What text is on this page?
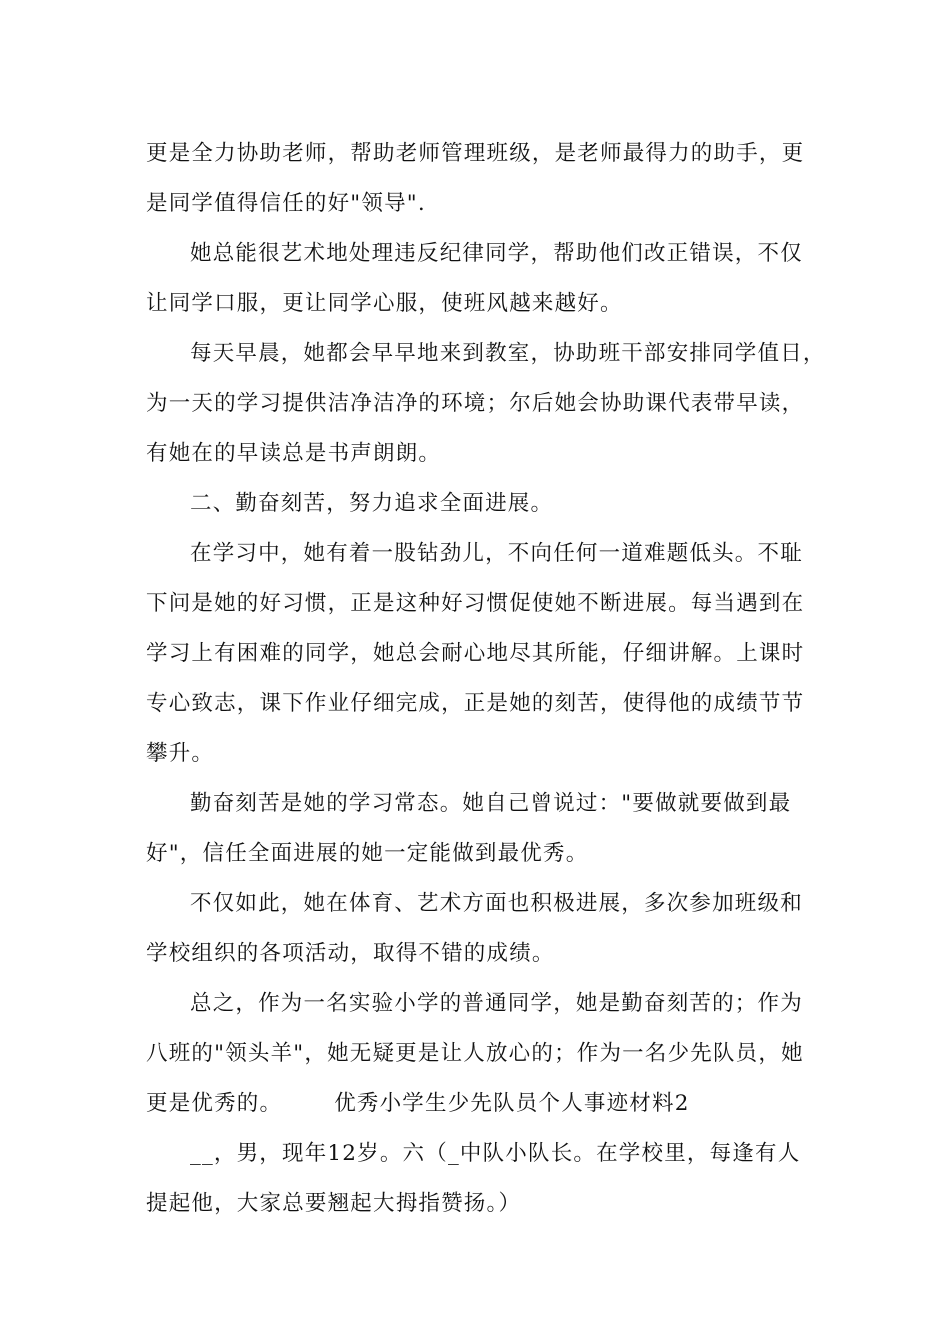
更是全力协助老师，帮助老师管理班级，是老师最得力的助手，更
是同学值得信任的好"领导".

她总能很艺术地处理违反纪律同学，帮助他们改正错误，不仅
让同学口服，更让同学心服，使班风越来越好。

每天早晨，她都会早早地来到教室，协助班干部安排同学值日，
为一天的学习提供洁净洁净的环境；尔后她会协助课代表带早读，
有她在的早读总是书声朗朗。

二、勤奋刻苦，努力追求全面进展。

在学习中，她有着一股钻劲儿，不向任何一道难题低头。不耻
下问是她的好习惯，正是这种好习惯促使她不断进展。每当遇到在
学习上有困难的同学，她总会耐心地尽其所能，仔细讲解。上课时
专心致志，课下作业仔细完成，正是她的刻苦，使得他的成绩节节
攀升。

勤奋刻苦是她的学习常态。她自己曾说过："要做就要做到最
好"，信任全面进展的她一定能做到最优秀。

不仅如此，她在体育、艺术方面也积极进展，多次参加班级和
学校组织的各项活动，取得不错的成绩。

总之，作为一名实验小学的普通同学，她是勤奋刻苦的；作为
八班的"领头羊"，她无疑更是让人放心的；作为一名少先队员，她

更是优秀的。 优秀小学生少先队员个人事迹材料2

__，男，现年12岁。六（_中队小队长。在学校里，每逢有人
提起他，大家总要翘起大拇指赞扬。）
